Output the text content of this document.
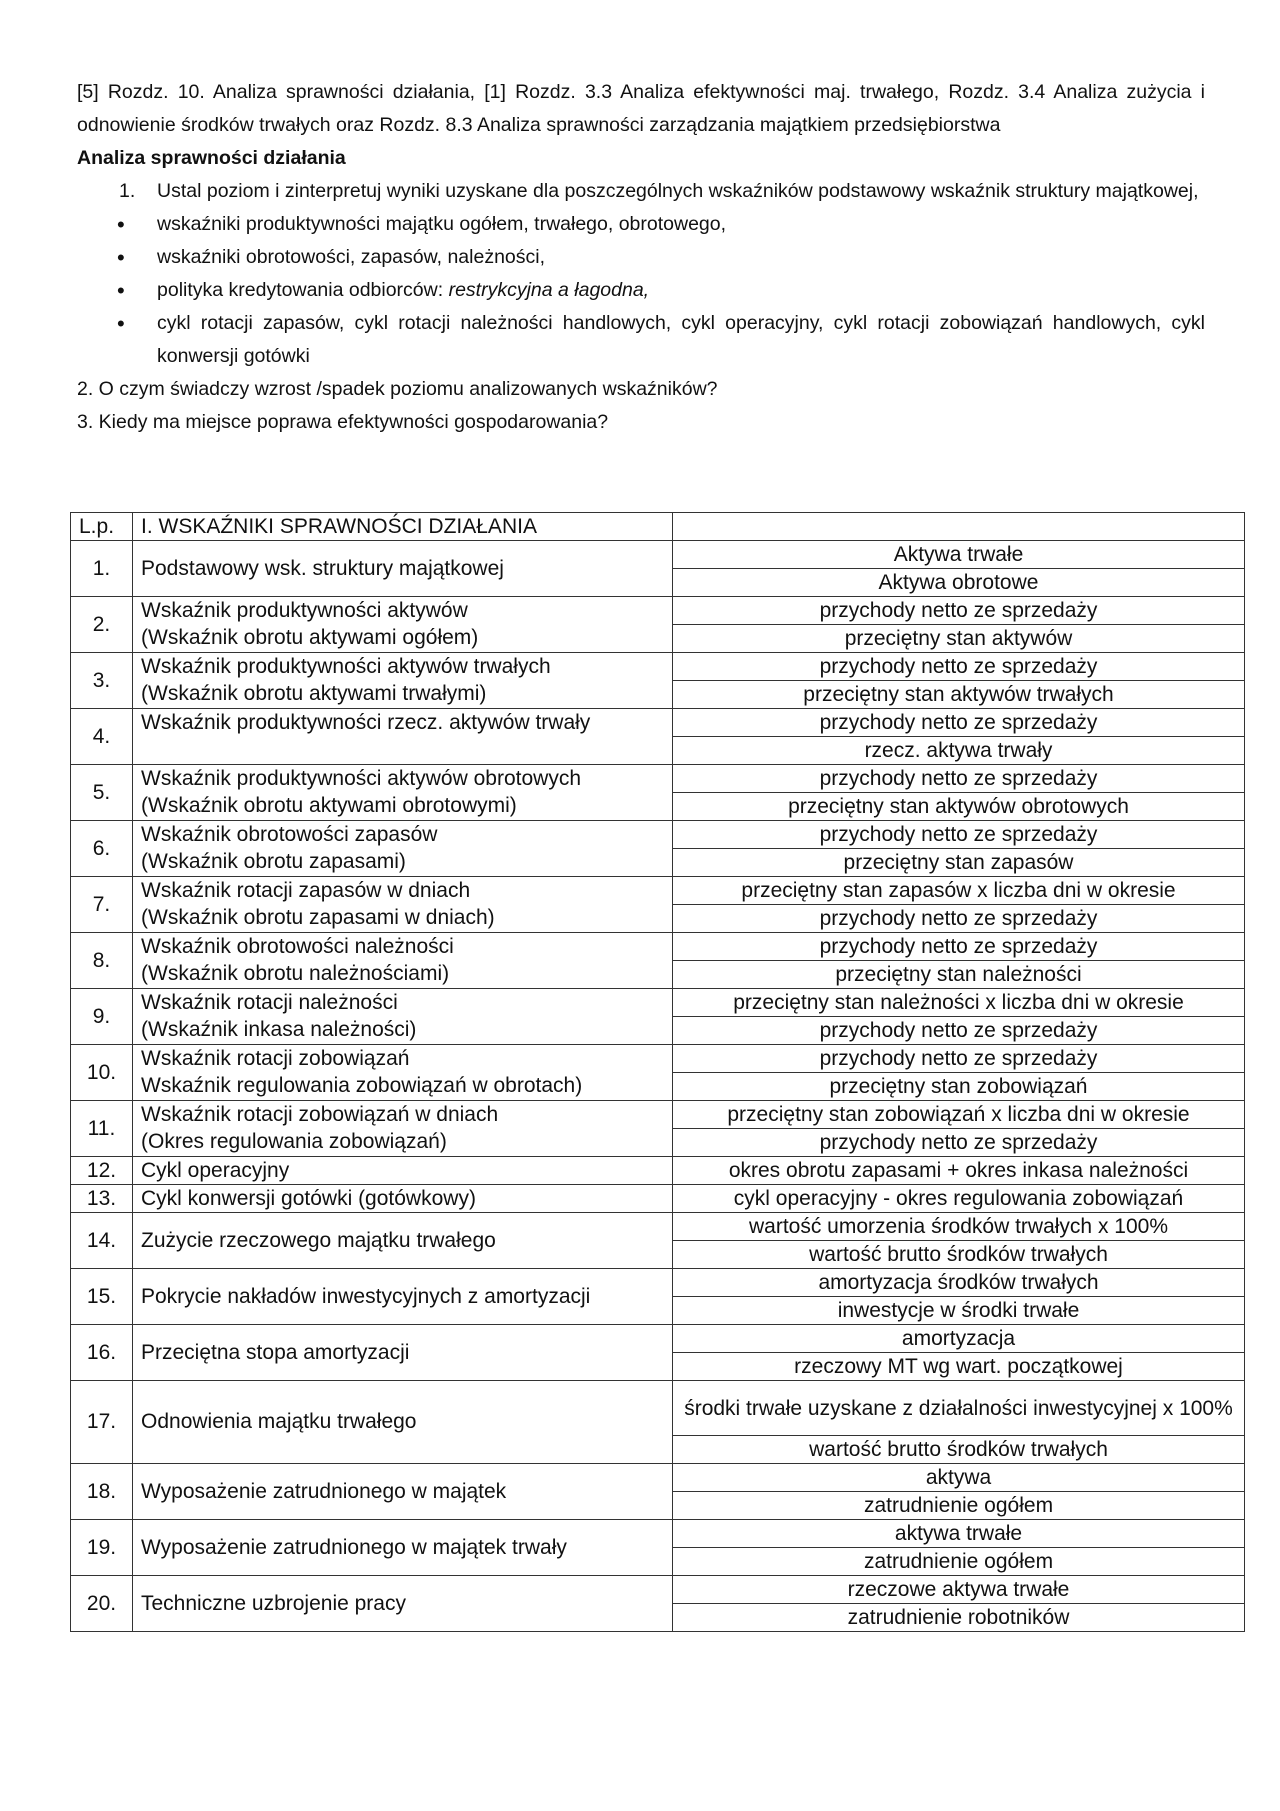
[5] Rozdz. 10. Analiza sprawności działania, [1] Rozdz. 3.3 Analiza efektywności maj. trwałego, Rozdz. 3.4 Analiza zużycia i odnowienie środków trwałych oraz Rozdz. 8.3 Analiza sprawności zarządzania majątkiem przedsiębiorstwa

Analiza sprawności działania

1.	Ustal poziom i zinterpretuj wyniki uzyskane dla poszczególnych wskaźników podstawowy wskaźnik struktury majątkowej,
•	wskaźniki produktywności majątku ogółem, trwałego, obrotowego,
•	wskaźniki obrotowości, zapasów, należności,
•	polityka kredytowania odbiorców: restrykcyjna a łagodna,
•	cykl rotacji zapasów, cykl rotacji należności handlowych, cykl operacyjny, cykl rotacji zobowiązań handlowych, cykl konwersji gotówki

2. O czym świadczy wzrost /spadek poziomu analizowanych wskaźników?

3. Kiedy ma miejsce poprawa efektywności gospodarowania?

L.p.	I. WSKAŹNIKI SPRAWNOŚCI DZIAŁANIA	
1.	Podstawowy wsk. struktury majątkowej	Aktywa trwałe
		Aktywa obrotowe
2.	Wskaźnik produktywności aktywów	przychody netto ze sprzedaży
	(Wskaźnik obrotu aktywami ogółem)	przeciętny stan aktywów
3.	Wskaźnik produktywności aktywów trwałych	przychody netto ze sprzedaży
	(Wskaźnik obrotu aktywami trwałymi)	przeciętny stan aktywów trwałych
4.	Wskaźnik produktywności rzecz. aktywów trwały	przychody netto ze sprzedaży
		rzecz. aktywa trwały
5.	Wskaźnik produktywności aktywów obrotowych	przychody netto ze sprzedaży
	(Wskaźnik obrotu aktywami obrotowymi)	przeciętny stan aktywów obrotowych
6.	Wskaźnik obrotowości zapasów	przychody netto ze sprzedaży
	(Wskaźnik obrotu zapasami)	przeciętny stan zapasów
7.	Wskaźnik rotacji zapasów w dniach	przeciętny stan zapasów x liczba dni w okresie
	(Wskaźnik obrotu zapasami w dniach)	przychody netto ze sprzedaży
8.	Wskaźnik obrotowości należności	przychody netto ze sprzedaży
	(Wskaźnik obrotu należnościami)	przeciętny stan należności
9.	Wskaźnik rotacji należności	przeciętny stan należności x liczba dni w okresie
	(Wskaźnik inkasa należności)	przychody netto ze sprzedaży
10.	Wskaźnik rotacji zobowiązań	przychody netto ze sprzedaży
	Wskaźnik regulowania zobowiązań w obrotach)	przeciętny stan zobowiązań
11.	Wskaźnik rotacji zobowiązań w dniach	przeciętny stan zobowiązań x liczba dni w okresie
	(Okres regulowania zobowiązań)	przychody netto ze sprzedaży
12.	Cykl operacyjny	okres obrotu zapasami + okres inkasa należności
13.	Cykl konwersji gotówki (gotówkowy)	cykl operacyjny - okres regulowania zobowiązań
14.	Zużycie rzeczowego majątku trwałego	wartość umorzenia środków trwałych x 100%
		wartość brutto środków trwałych
15.	Pokrycie nakładów inwestycyjnych z amortyzacji	amortyzacja środków trwałych
		inwestycje w środki trwałe
16.	Przeciętna stopa amortyzacji	amortyzacja
		rzeczowy MT wg wart. początkowej
17.	Odnowienia majątku trwałego	środki trwałe uzyskane z działalności inwestycyjnej x 100%
		wartość brutto środków trwałych
18.	Wyposażenie zatrudnionego w majątek	aktywa
		zatrudnienie ogółem
19.	Wyposażenie zatrudnionego w majątek trwały	aktywa trwałe
		zatrudnienie ogółem
20.	Techniczne uzbrojenie pracy	rzeczowe aktywa trwałe
		zatrudnienie robotników
